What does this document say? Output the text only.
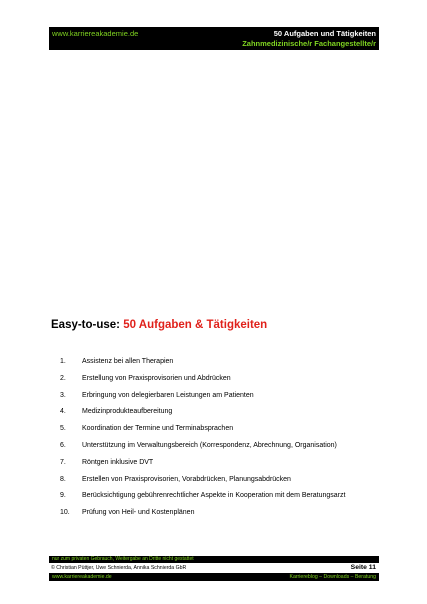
www.karriereakademie.de	50 Aufgaben und Tätigkeiten
Zahnmedizinische/r Fachangestellte/r
Easy-to-use: 50 Aufgaben & Tätigkeiten
1. Assistenz bei allen Therapien
2. Erstellung von Praxisprovisorien und Abdrücken
3. Erbringung von delegierbaren Leistungen am Patienten
4. Medizinprodukteaufbereitung
5. Koordination der Termine und Terminabsprachen
6. Unterstützung im Verwaltungsbereich (Korrespondenz, Abrechnung, Organisation)
7. Röntgen inklusive DVT
8. Erstellen von Praxisprovisorien, Vorabdrücken, Planungsabdrücken
9. Berücksichtigung gebührenrechtlicher Aspekte in Kooperation mit dem Beratungsarzt
10. Prüfung von Heil- und Kostenplänen
nur zum privaten Gebrauch, Weitergabe an Dritte nicht gestattet
© Christian Püttjer, Uwe Schnierda, Annika Schnierda GbR	Seite 11
www.karriereakademie.de	Karriereblog – Downloads – Beratung
